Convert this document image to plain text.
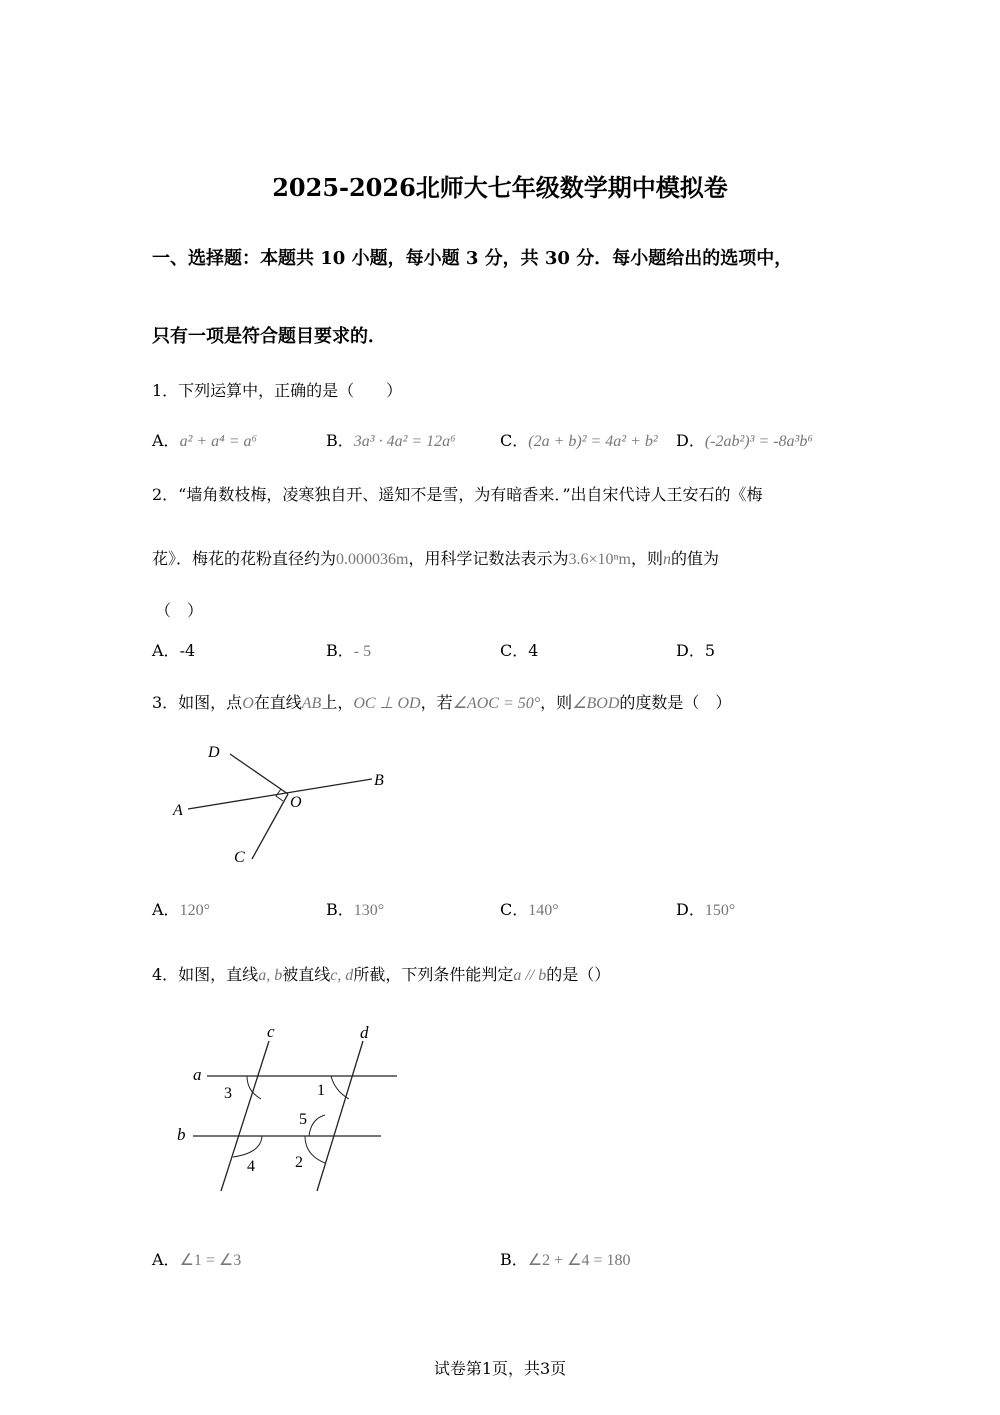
2025-2026北师大七年级数学期中模拟卷
一、选择题：本题共 10 小题，每小题 3 分，共 30 分．每小题给出的选项中，
只有一项是符合题目要求的．
1．下列运算中，正确的是（　　）
A．a² + a⁴ = a⁶	B．3a³ · 4a² = 12a⁶	C．(2a + b)² = 4a² + b² D．(-2ab²)³ = -8a³b⁶
2．“墙角数枝梅，凌寒独自开、遥知不是雪，为有暗香来．”出自宋代诗人王安石的《梅
花》．梅花的花粉直径约为0.000036m，用科学记数法表示为3.6×10ⁿm，则n的值为
（　）
A．-4	B．- 5	C．4	D．5
3．如图，点O在直线AB上，OC ⊥ OD，若∠AOC = 50°，则∠BOD的度数是（　）
D
B
A	O
C
A．120°	B．130°	C．140°	D．150°
4．如图，直线a, b被直线c, d所截，下列条件能判定a // b的是（）
c	d
a
b
3	1
5
4	2
A．∠1 = ∠3	B．∠2 + ∠4 = 180
试卷第1页，共3页
